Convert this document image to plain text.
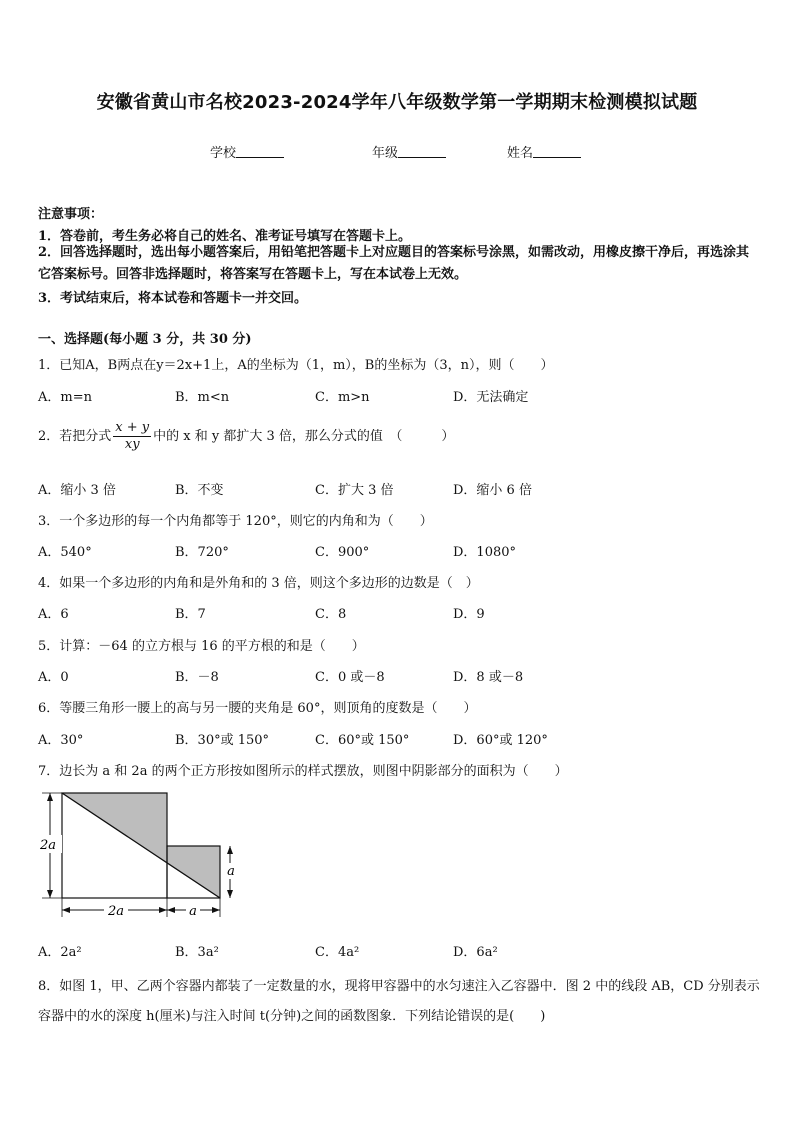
安徽省黄山市名校2023-2024学年八年级数学第一学期期末检测模拟试题
学校	年级	姓名
注意事项：
1．答卷前，考生务必将自己的姓名、准考证号填写在答题卡上。
2．回答选择题时，选出每小题答案后，用铅笔把答题卡上对应题目的答案标号涂黑，如需改动，用橡皮擦干净后，再选涂其它答案标号。回答非选择题时，将答案写在答题卡上，写在本试卷上无效。
3．考试结束后，将本试卷和答题卡一并交回。
一、选择题(每小题 3 分，共 30 分)
1．已知A，B两点在y＝2x+1上，A的坐标为（1，m），B的坐标为（3，n），则（　　）
A．m=n	B．m<n	C．m>n	D．无法确定
2．若把分式 $\frac{x + y}{xy}$ 中的 x 和 y 都扩大 3 倍，那么分式的值　（　　　）
A．缩小 3 倍	B．不变	C．扩大 3 倍	D．缩小 6 倍
3．一个多边形的每一个内角都等于 120°，则它的内角和为（　　）
A．540°	B．720°	C．900°	D．1080°
4．如果一个多边形的内角和是外角和的 3 倍，则这个多边形的边数是（　）
A．6	B．7	C．8	D．9
5．计算：－64 的立方根与 16 的平方根的和是（　　）
A．0	B．－8	C．0 或－8	D．8 或－8
6．等腰三角形一腰上的高与另一腰的夹角是 60°，则顶角的度数是（　　）
A．30°	B．30°或 150°	C．60°或 150°	D．60°或 120°
7．边长为 a 和 2a 的两个正方形按如图所示的样式摆放，则图中阴影部分的面积为（　　）
2a
a
2a	a
A．2a²	B．3a²	C．4a²	D．6a²
8．如图 1，甲、乙两个容器内都装了一定数量的水，现将甲容器中的水匀速注入乙容器中．图 2 中的线段 AB，CD 分别表示容器中的水的深度 h(厘米)与注入时间 t(分钟)之间的函数图象．下列结论错误的是(　　)
